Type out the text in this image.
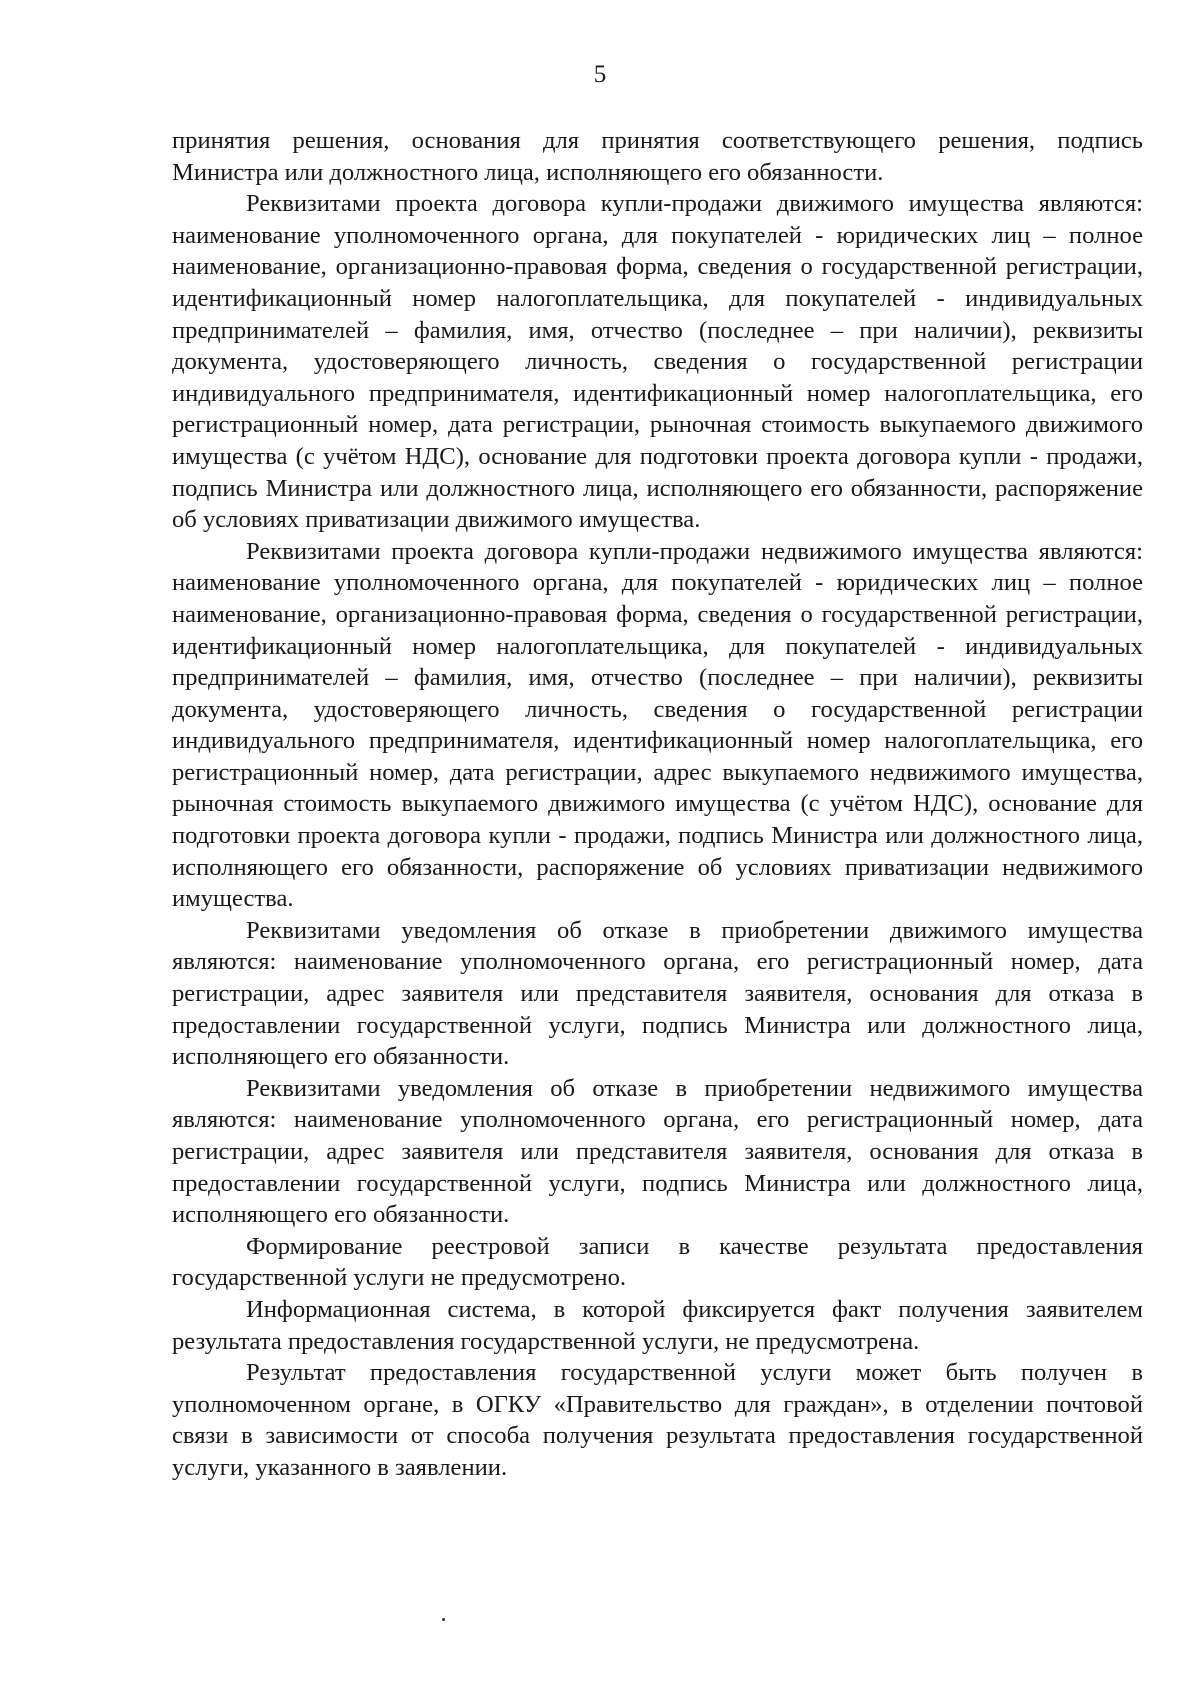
5

принятия решения, основания для принятия соответствующего решения, подпись Министра или должностного лица, исполняющего его обязанности.

Реквизитами проекта договора купли-продажи движимого имущества являются: наименование уполномоченного органа, для покупателей - юридических лиц – полное наименование, организационно-правовая форма, сведения о государственной регистрации, идентификационный номер налогоплательщика, для покупателей - индивидуальных предпринимателей – фамилия, имя, отчество (последнее – при наличии), реквизиты документа, удостоверяющего личность, сведения о государственной регистрации индивидуального предпринимателя, идентификационный номер налогоплательщика, его регистрационный номер, дата регистрации, рыночная стоимость выкупаемого движимого имущества (с учётом НДС), основание для подготовки проекта договора купли - продажи, подпись Министра или должностного лица, исполняющего его обязанности, распоряжение об условиях приватизации движимого имущества.

Реквизитами проекта договора купли-продажи недвижимого имущества являются: наименование уполномоченного органа, для покупателей - юридических лиц – полное наименование, организационно-правовая форма, сведения о государственной регистрации, идентификационный номер налогоплательщика, для покупателей - индивидуальных предпринимателей – фамилия, имя, отчество (последнее – при наличии), реквизиты документа, удостоверяющего личность, сведения о государственной регистрации индивидуального предпринимателя, идентификационный номер налогоплательщика, его регистрационный номер, дата регистрации, адрес выкупаемого недвижимого имущества, рыночная стоимость выкупаемого движимого имущества (с учётом НДС), основание для подготовки проекта договора купли - продажи, подпись Министра или должностного лица, исполняющего его обязанности, распоряжение об условиях приватизации недвижимого имущества.

Реквизитами уведомления об отказе в приобретении движимого имущества являются: наименование уполномоченного органа, его регистрационный номер, дата регистрации, адрес заявителя или представителя заявителя, основания для отказа в предоставлении государственной услуги, подпись Министра или должностного лица, исполняющего его обязанности.

Реквизитами уведомления об отказе в приобретении недвижимого имущества являются: наименование уполномоченного органа, его регистрационный номер, дата регистрации, адрес заявителя или представителя заявителя, основания для отказа в предоставлении государственной услуги, подпись Министра или должностного лица, исполняющего его обязанности.

Формирование реестровой записи в качестве результата предоставления государственной услуги не предусмотрено.

Информационная система, в которой фиксируется факт получения заявителем результата предоставления государственной услуги, не предусмотрена.

Результат предоставления государственной услуги может быть получен в уполномоченном органе, в ОГКУ «Правительство для граждан», в отделении почтовой связи в зависимости от способа получения результата предоставления государственной услуги, указанного в заявлении.
